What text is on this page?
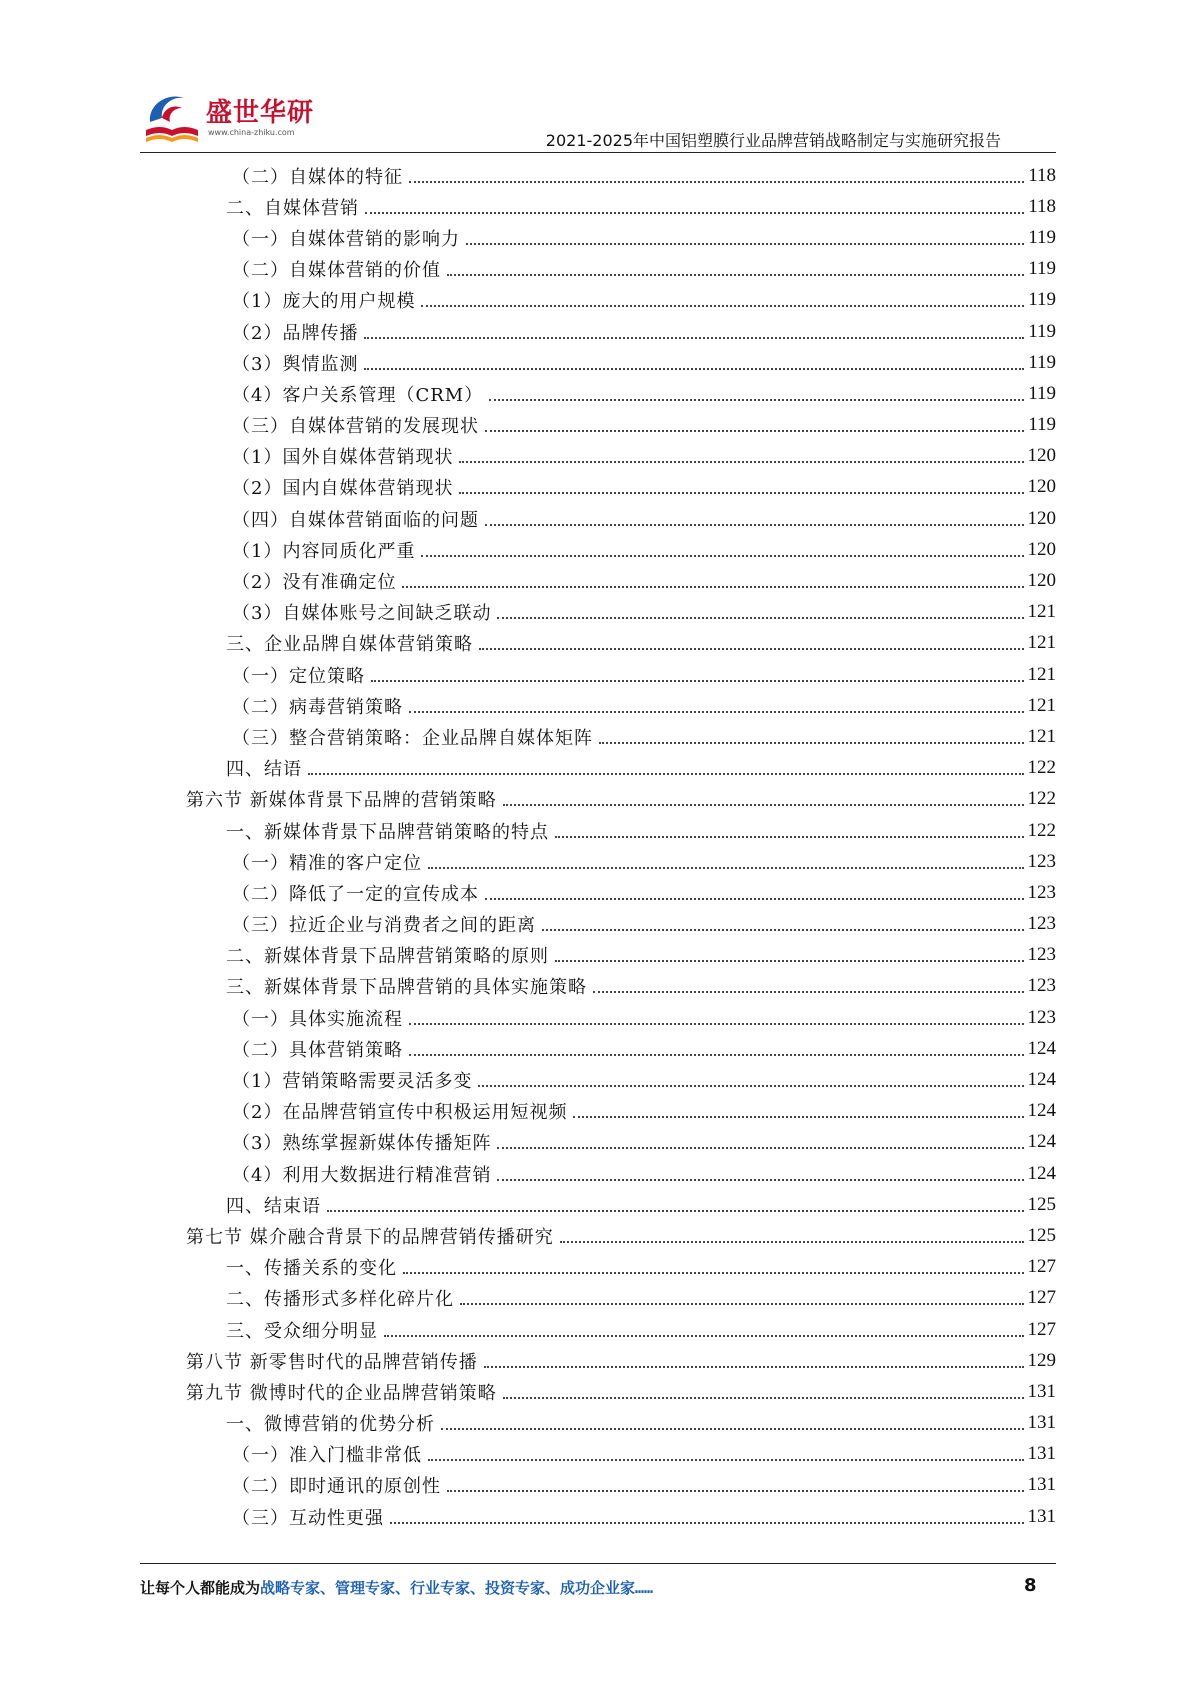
盛世华研
www.china-zhiku.com	2021-2025年中国铝塑膜行业品牌营销战略制定与实施研究报告
（二）自媒体的特征	118
二、自媒体营销	118
（一）自媒体营销的影响力	119
（二）自媒体营销的价值	119
（1）庞大的用户规模	119
（2）品牌传播	119
（3）舆情监测	119
（4）客户关系管理（CRM）	119
（三）自媒体营销的发展现状	119
（1）国外自媒体营销现状	120
（2）国内自媒体营销现状	120
（四）自媒体营销面临的问题	120
（1）内容同质化严重	120
（2）没有准确定位	120
（3）自媒体账号之间缺乏联动	121
三、企业品牌自媒体营销策略	121
（一）定位策略	121
（二）病毒营销策略	121
（三）整合营销策略：企业品牌自媒体矩阵	121
四、结语	122
第六节 新媒体背景下品牌的营销策略	122
一、新媒体背景下品牌营销策略的特点	122
（一）精准的客户定位	123
（二）降低了一定的宣传成本	123
（三）拉近企业与消费者之间的距离	123
二、新媒体背景下品牌营销策略的原则	123
三、新媒体背景下品牌营销的具体实施策略	123
（一）具体实施流程	123
（二）具体营销策略	124
（1）营销策略需要灵活多变	124
（2）在品牌营销宣传中积极运用短视频	124
（3）熟练掌握新媒体传播矩阵	124
（4）利用大数据进行精准营销	124
四、结束语	125
第七节 媒介融合背景下的品牌营销传播研究	125
一、传播关系的变化	127
二、传播形式多样化碎片化	127
三、受众细分明显	127
第八节 新零售时代的品牌营销传播	129
第九节 微博时代的企业品牌营销策略	131
一、微博营销的优势分析	131
（一）准入门槛非常低	131
（二）即时通讯的原创性	131
（三）互动性更强	131
让每个人都能成为战略专家、管理专家、行业专家、投资专家、成功企业家……	8
